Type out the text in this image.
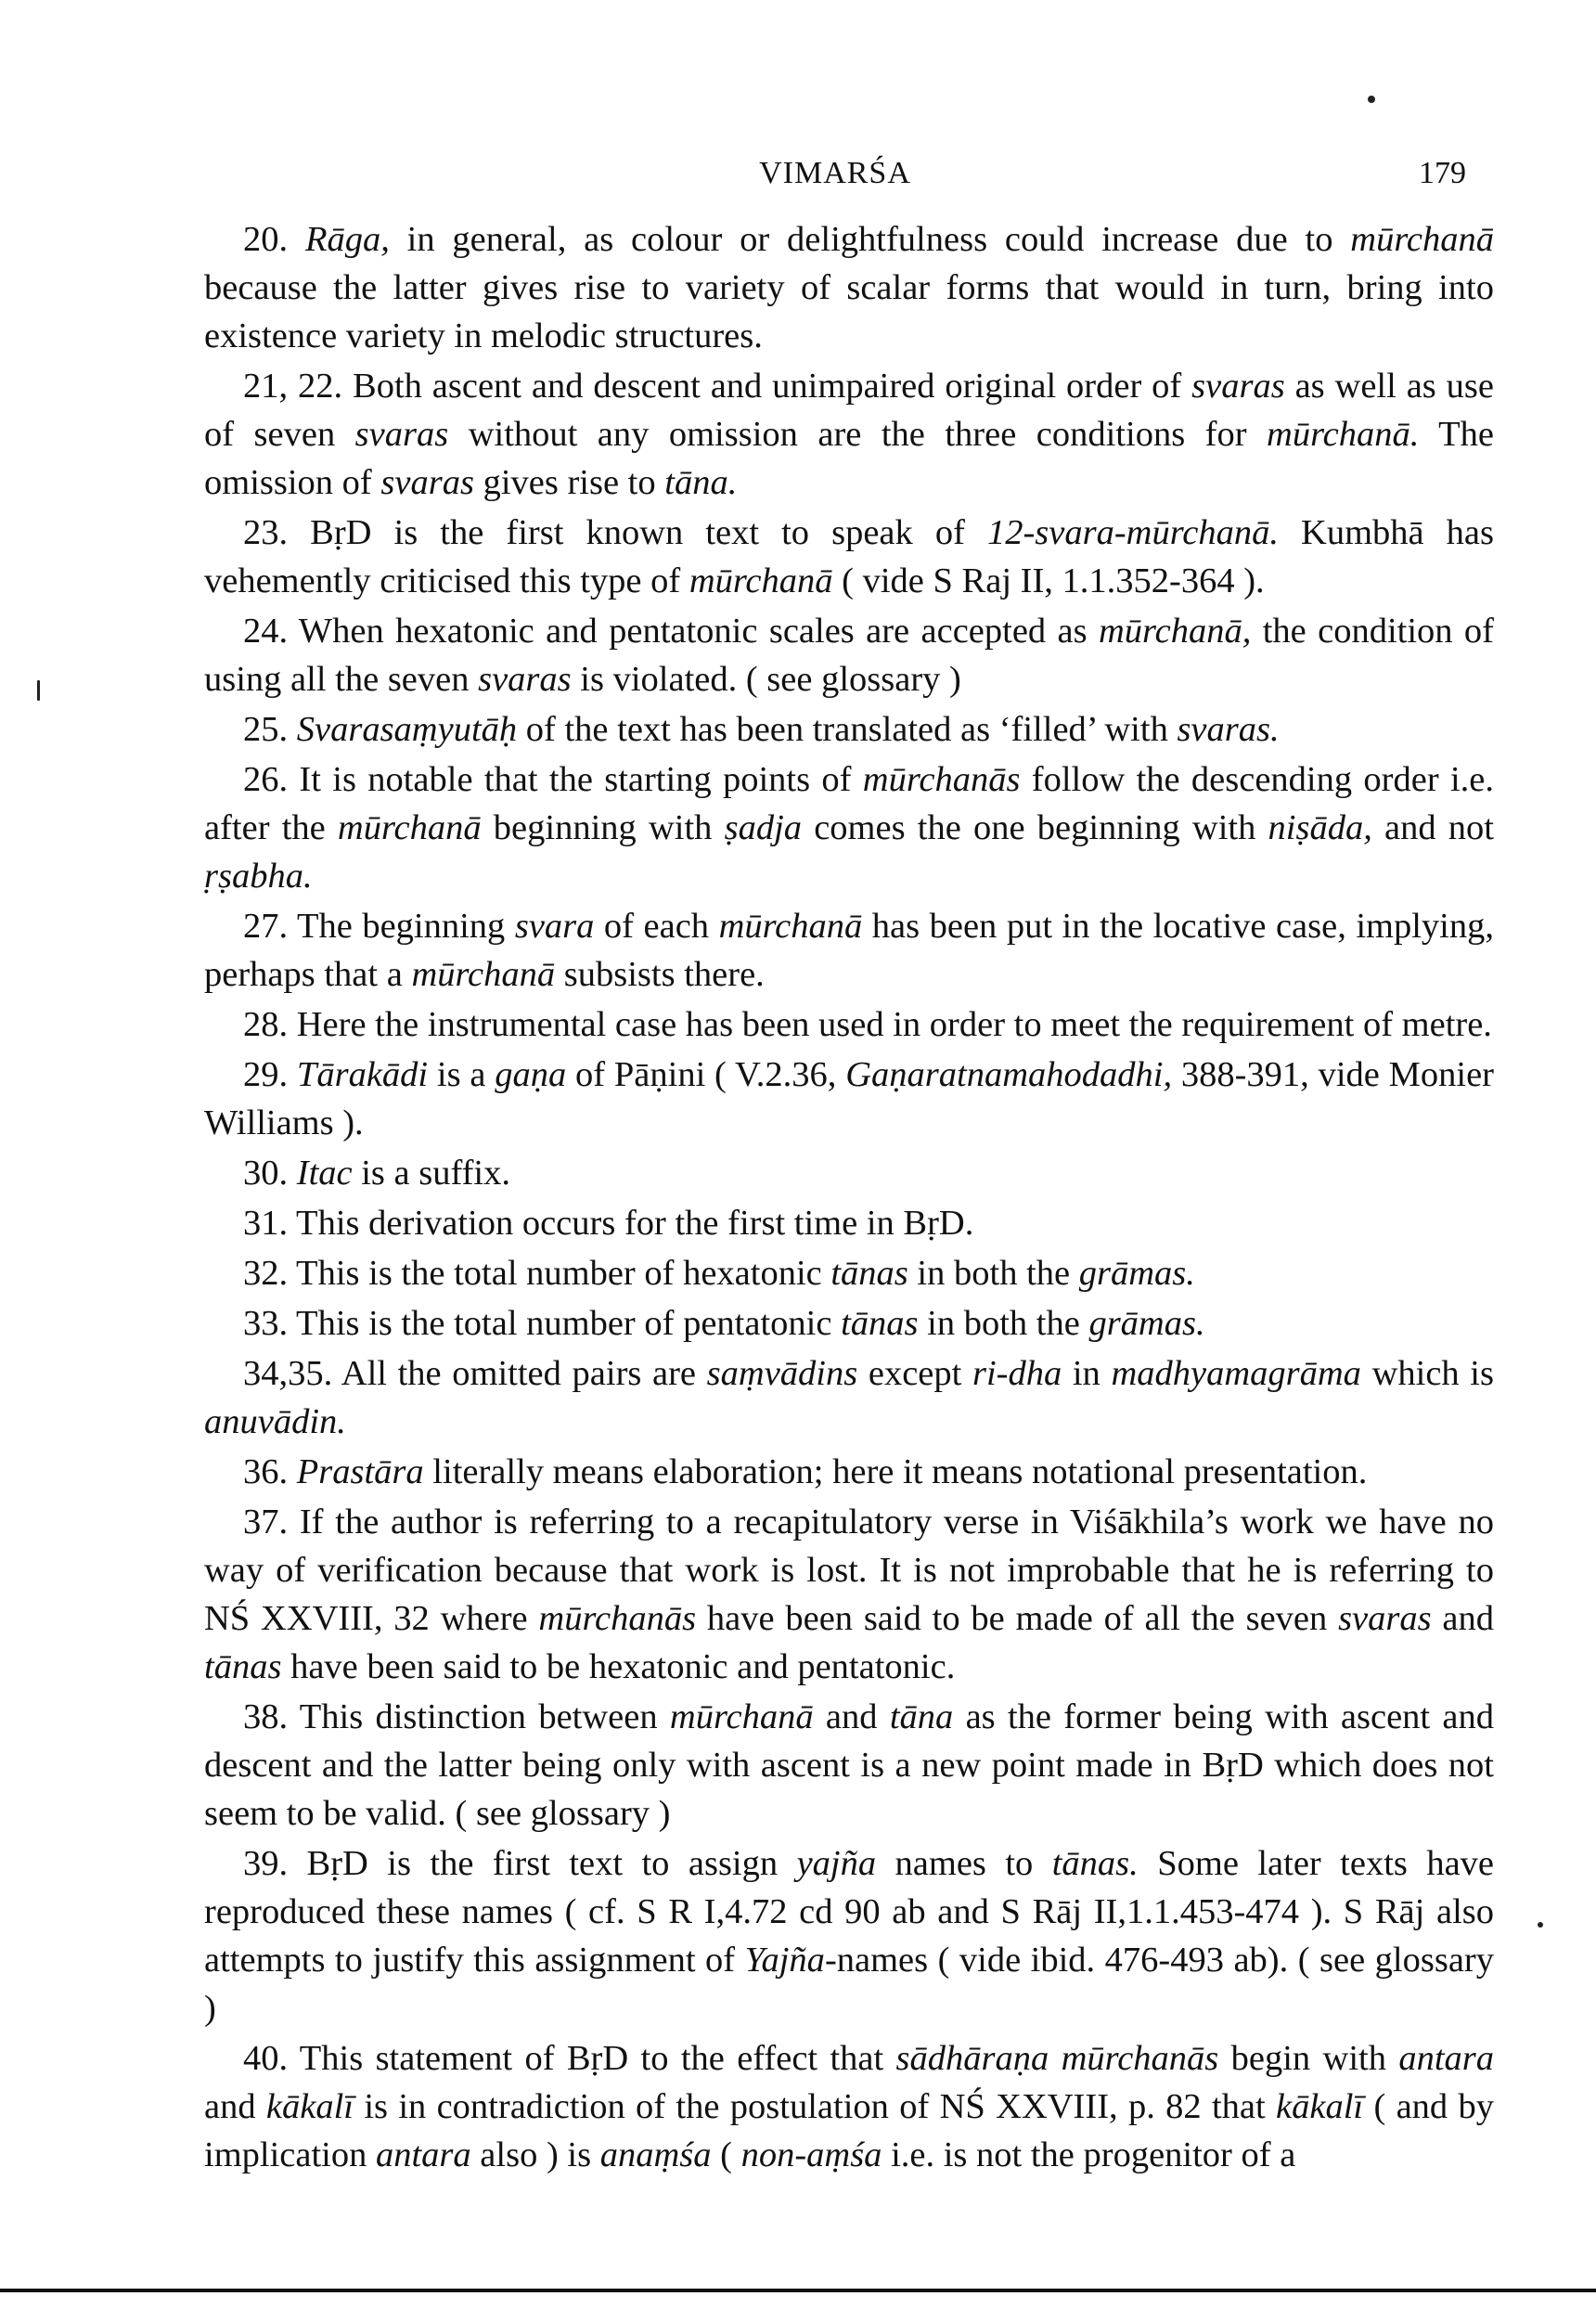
VIMARŚA	179

20. Rāga, in general, as colour or delightfulness could increase due to mūrchanā because the latter gives rise to variety of scalar forms that would in turn, bring into existence variety in melodic structures.

21, 22. Both ascent and descent and unimpaired original order of svaras as well as use of seven svaras without any omission are the three conditions for mūrchanā. The omission of svaras gives rise to tāna.

23. BṛD is the first known text to speak of 12-svara-mūrchanā. Kumbhā has vehemently criticised this type of mūrchanā ( vide S Raj II, 1.1.352-364 ).

24. When hexatonic and pentatonic scales are accepted as mūrchanā, the condition of using all the seven svaras is violated. ( see glossary )

25. Svarasaṃyutāḥ of the text has been translated as ‘filled’ with svaras.

26. It is notable that the starting points of mūrchanās follow the descending order i.e. after the mūrchanā beginning with ṣadja comes the one beginning with niṣāda, and not ṛṣabha.

27. The beginning svara of each mūrchanā has been put in the locative case, implying, perhaps that a mūrchanā subsists there.

28. Here the instrumental case has been used in order to meet the requirement of metre.

29. Tārakādi is a gaṇa of Pāṇini ( V.2.36, Gaṇaratnamahodadhi, 388-391, vide Monier Williams ).

30. Itac is a suffix.

31. This derivation occurs for the first time in BṛD.

32. This is the total number of hexatonic tānas in both the grāmas.

33. This is the total number of pentatonic tānas in both the grāmas.

34,35. All the omitted pairs are saṃvādins except ri-dha in madhyamagrāma which is anuvādin.

36. Prastāra literally means elaboration; here it means notational presentation.

37. If the author is referring to a recapitulatory verse in Viśākhila’s work we have no way of verification because that work is lost. It is not improbable that he is referring to NŚ XXVIII, 32 where mūrchanās have been said to be made of all the seven svaras and tānas have been said to be hexatonic and pentatonic.

38. This distinction between mūrchanā and tāna as the former being with ascent and descent and the latter being only with ascent is a new point made in BṛD which does not seem to be valid. ( see glossary )

39. BṛD is the first text to assign yajña names to tānas. Some later texts have reproduced these names ( cf. S R I,4.72 cd 90 ab and S Rāj II,1.1.453-474 ). S Rāj also attempts to justify this assignment of Yajña-names ( vide ibid. 476-493 ab). ( see glossary )

40. This statement of BṛD to the effect that sādhāraṇa mūrchanās begin with antara and kākalī is in contradiction of the postulation of NŚ XXVIII, p. 82 that kākalī ( and by implication antara also ) is anaṃśa ( non-aṃśa i.e. is not the progenitor of a
